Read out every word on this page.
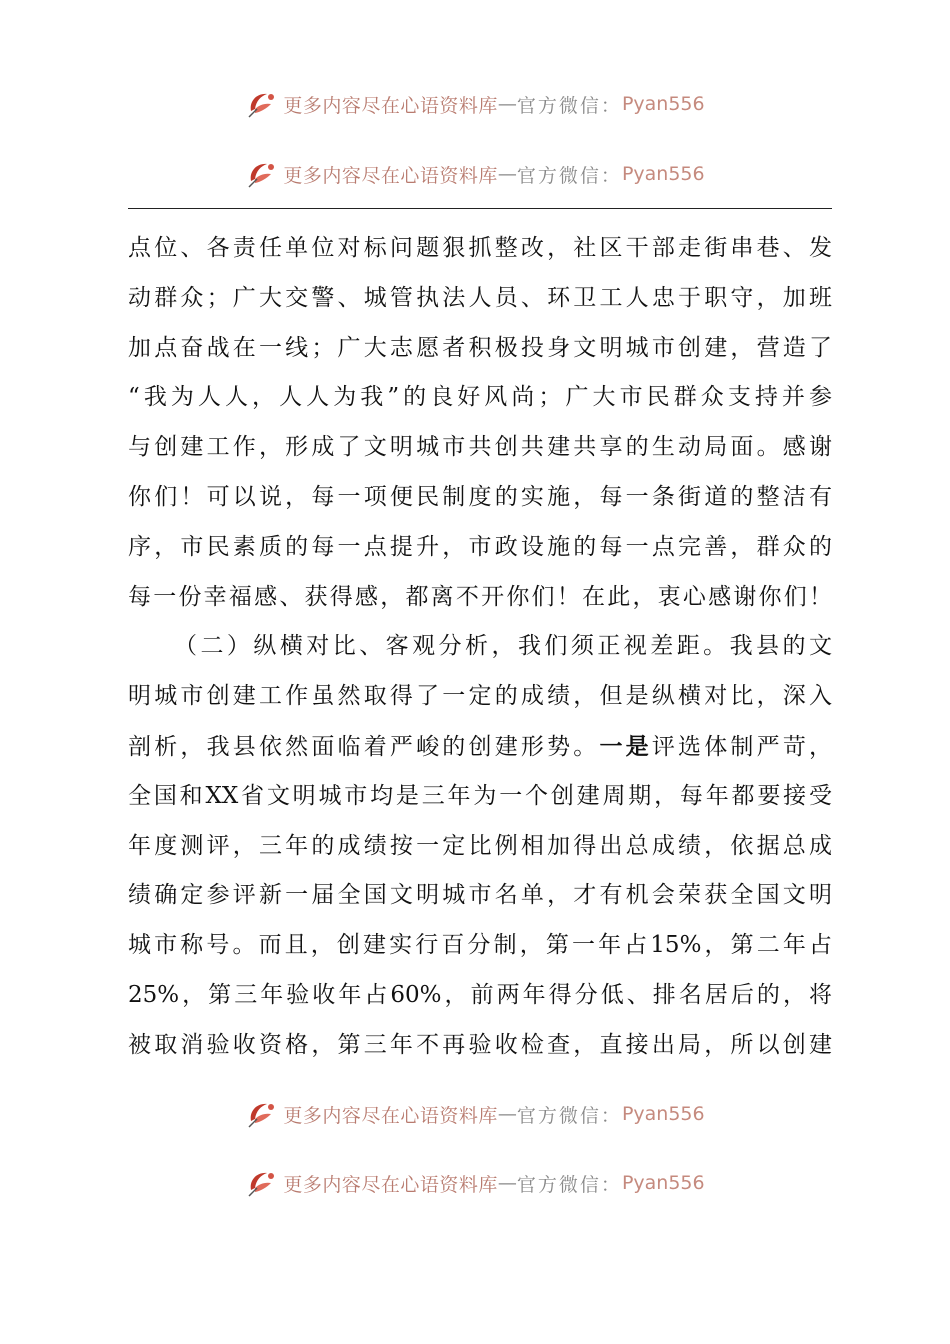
更多内容尽在心语资料库 — 官方微信： Pyan556
更多内容尽在心语资料库 — 官方微信： Pyan556
点位、各责任单位对标问题狠抓整改，社区干部走街串巷、发
动群众；广大交警、城管执法人员、环卫工人忠于职守，加班
加点奋战在一线；广大志愿者积极投身文明城市创建，营造了
“我为人人，人人为我”的良好风尚；广大市民群众支持并参
与创建工作，形成了文明城市共创共建共享的生动局面。感谢
你们！可以说，每一项便民制度的实施，每一条街道的整洁有
序，市民素质的每一点提升，市政设施的每一点完善，群众的
每一份幸福感、获得感，都离不开你们！在此，衷心感谢你们！
（二）纵横对比、客观分析，我们须正视差距。我县的文
明城市创建工作虽然取得了一定的成绩，但是纵横对比，深入
剖析，我县依然面临着严峻的创建形势。一是评选体制严苛，
全国和XX省文明城市均是三年为一个创建周期，每年都要接受
年度测评，三年的成绩按一定比例相加得出总成绩，依据总成
绩确定参评新一届全国文明城市名单，才有机会荣获全国文明
城市称号。而且，创建实行百分制，第一年占15%，第二年占
25%，第三年验收年占60%，前两年得分低、排名居后的，将
被取消验收资格，第三年不再验收检查，直接出局，所以创建
更多内容尽在心语资料库 — 官方微信： Pyan556
更多内容尽在心语资料库 — 官方微信： Pyan556
